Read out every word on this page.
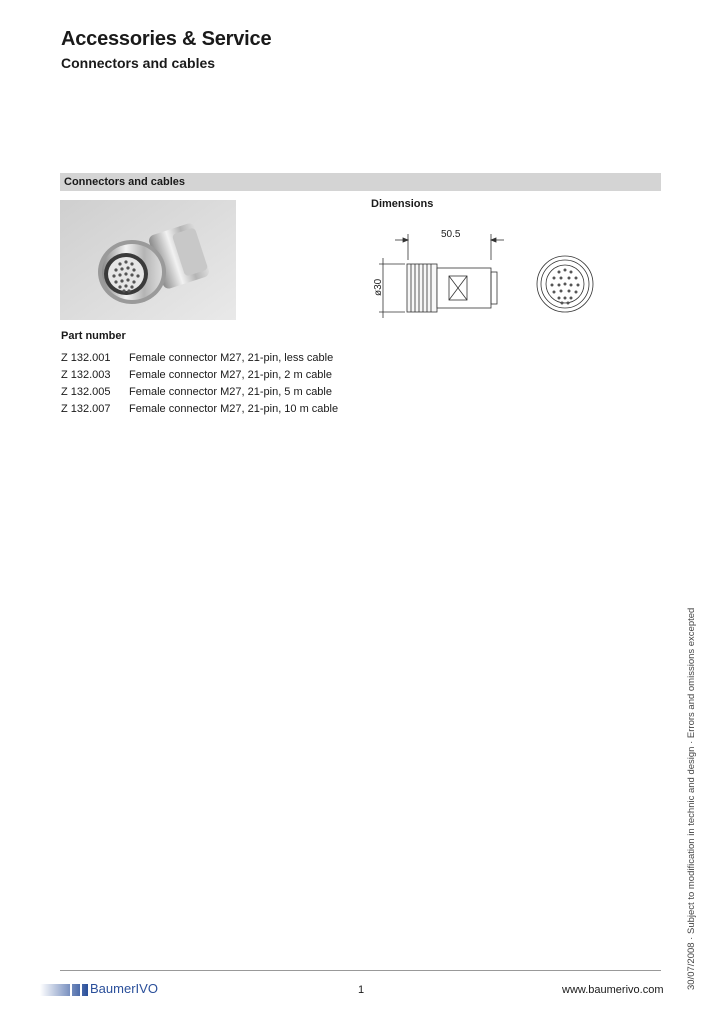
Accessories & Service
Connectors and cables
Connectors and cables
Dimensions
50.5
ø30
Part number
Z 132.001 Female connector M27, 21-pin, less cable
Z 132.003 Female connector M27, 21-pin, 2 m cable
Z 132.005 Female connector M27, 21-pin, 5 m cable
Z 132.007 Female connector M27, 21-pin, 10 m cable
30/07/2008 · Subject to modification in technic and design · Errors and omissions excepted
BaumerIVO	1	www.baumerivo.com
